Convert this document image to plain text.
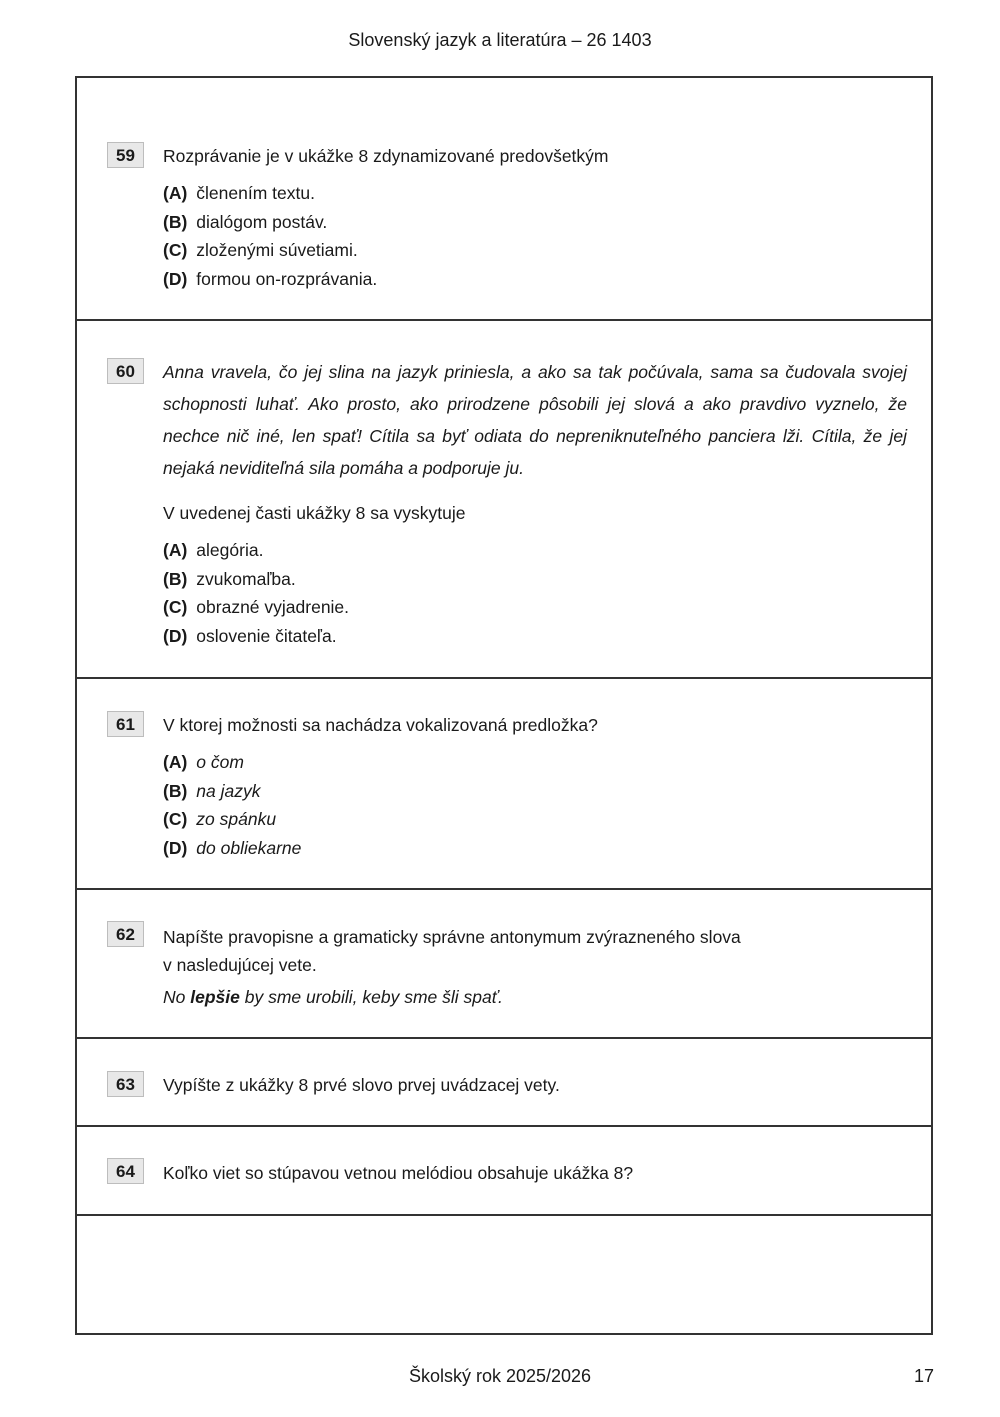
Slovenský jazyk a literatúra – 26 1403
59	Rozprávanie je v ukážke 8 zdynamizované predovšetkým
(A) členením textu.
(B) dialógom postáv.
(C) zloženými súvetiami.
(D) formou on-rozprávania.
60	Anna vravela, čo jej slina na jazyk priniesla, a ako sa tak počúvala, sama sa čudovala svojej schopnosti luhať. Ako prosto, ako prirodzene pôsobili jej slová a ako pravdivo vyznelo, že nechce nič iné, len spať! Cítila sa byť odiata do nepreniknuteľného panciera lži. Cítila, že jej nejaká neviditeľná sila pomáha a podporuje ju.
V uvedenej časti ukážky 8 sa vyskytuje
(A) alegória.
(B) zvukomaľba.
(C) obrazné vyjadrenie.
(D) oslovenie čitateľa.
61	V ktorej možnosti sa nachádza vokalizovaná predložka?
(A) o čom
(B) na jazyk
(C) zo spánku
(D) do obliekarne
62	Napíšte pravopisne a gramaticky správne antonymum zvýrazneného slova
v nasledujúcej vete.
No lepšie by sme urobili, keby sme šli spať.
63	Vypíšte z ukážky 8 prvé slovo prvej uvádzacej vety.
64	Koľko viet so stúpavou vetnou melódiou obsahuje ukážka 8?
Školský rok 2025/2026	17
